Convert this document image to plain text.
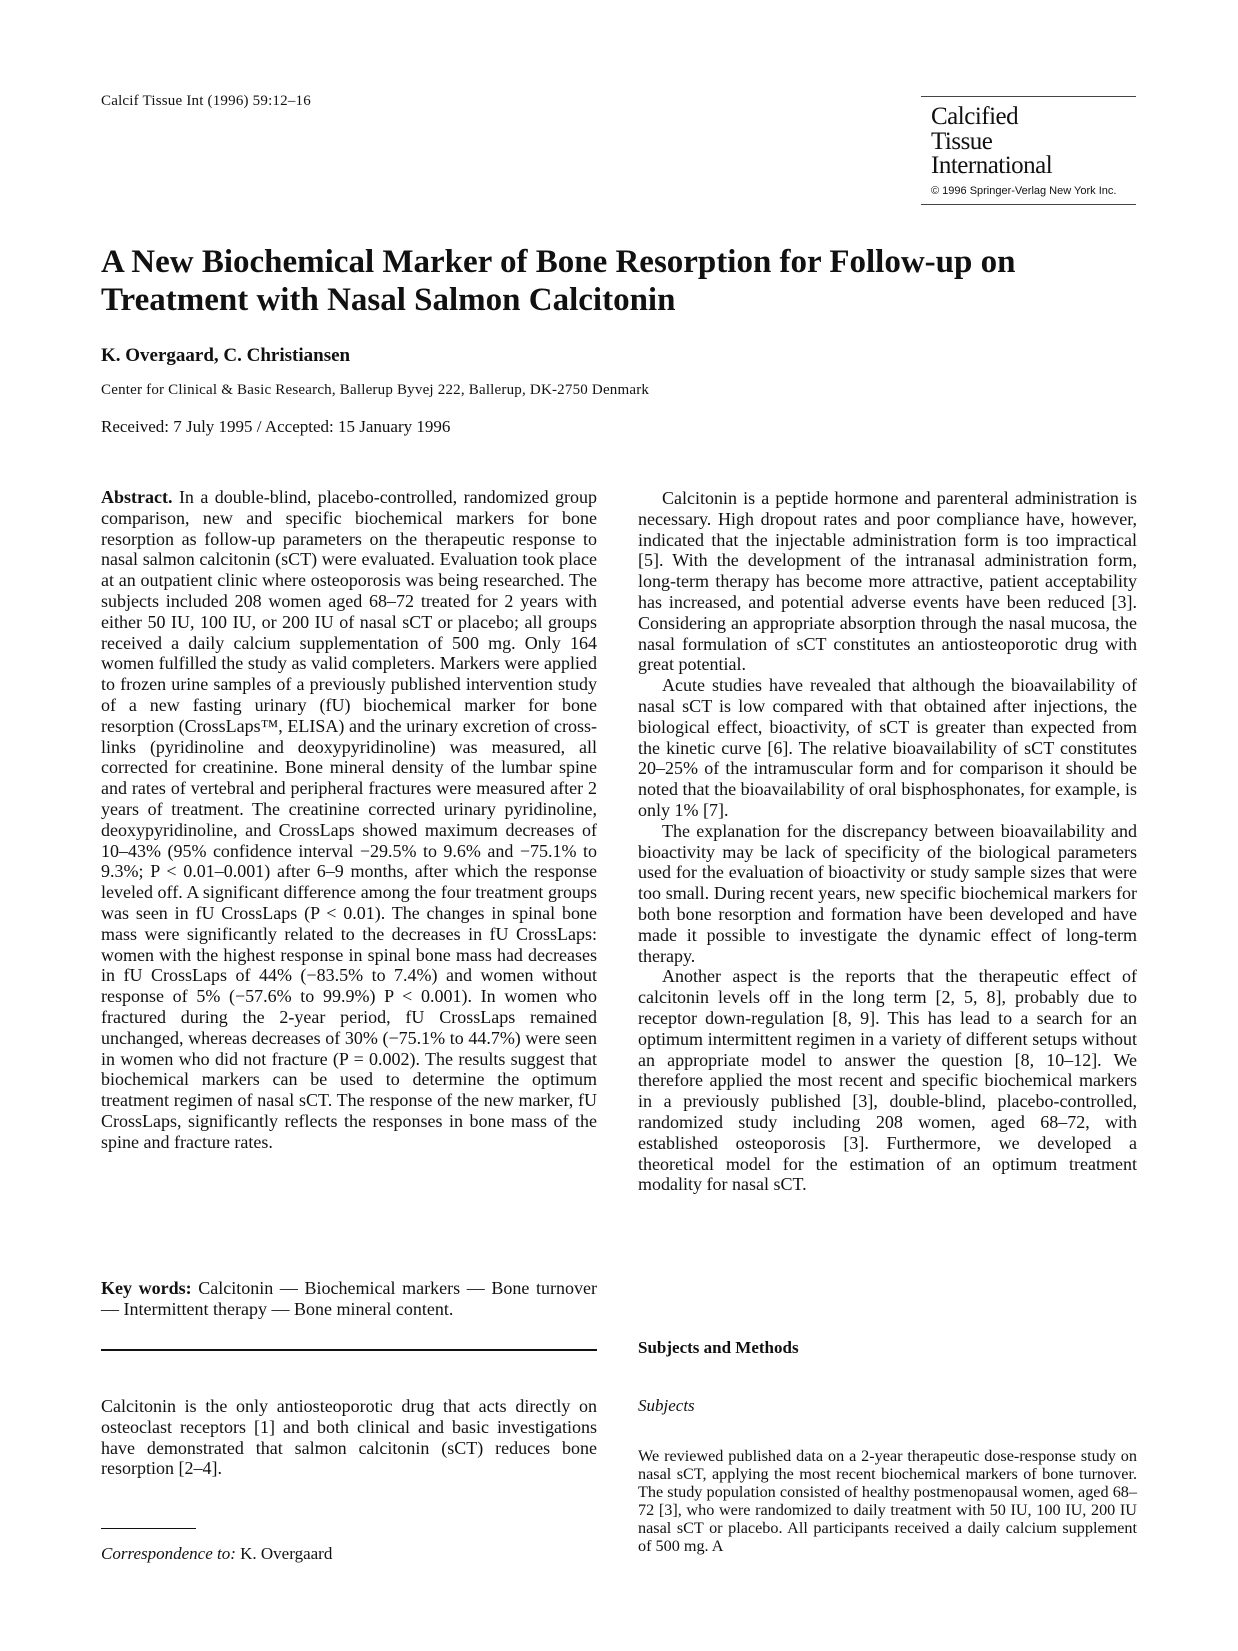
Calcif Tissue Int (1996) 59:12–16
Calcified
Tissue
International
© 1996 Springer-Verlag New York Inc.
A New Biochemical Marker of Bone Resorption for Follow-up on Treatment with Nasal Salmon Calcitonin
K. Overgaard, C. Christiansen
Center for Clinical & Basic Research, Ballerup Byvej 222, Ballerup, DK-2750 Denmark
Received: 7 July 1995 / Accepted: 15 January 1996

Abstract. In a double-blind, placebo-controlled, randomized group comparison, new and specific biochemical markers for bone resorption as follow-up parameters on the therapeutic response to nasal salmon calcitonin (sCT) were evaluated. Evaluation took place at an outpatient clinic where osteoporosis was being researched. The subjects included 208 women aged 68–72 treated for 2 years with either 50 IU, 100 IU, or 200 IU of nasal sCT or placebo; all groups received a daily calcium supplementation of 500 mg. Only 164 women fulfilled the study as valid completers. Markers were applied to frozen urine samples of a previously published intervention study of a new fasting urinary (fU) biochemical marker for bone resorption (CrossLaps™, ELISA) and the urinary excretion of cross-links (pyridinoline and deoxypyridinoline) was measured, all corrected for creatinine. Bone mineral density of the lumbar spine and rates of vertebral and peripheral fractures were measured after 2 years of treatment. The creatinine corrected urinary pyridinoline, deoxypyridinoline, and CrossLaps showed maximum decreases of 10–43% (95% confidence interval −29.5% to 9.6% and −75.1% to 9.3%; P < 0.01–0.001) after 6–9 months, after which the response leveled off. A significant difference among the four treatment groups was seen in fU CrossLaps (P < 0.01). The changes in spinal bone mass were significantly related to the decreases in fU CrossLaps: women with the highest response in spinal bone mass had decreases in fU CrossLaps of 44% (−83.5% to 7.4%) and women without response of 5% (−57.6% to 99.9%) P < 0.001). In women who fractured during the 2-year period, fU CrossLaps remained unchanged, whereas decreases of 30% (−75.1% to 44.7%) were seen in women who did not fracture (P = 0.002). The results suggest that biochemical markers can be used to determine the optimum treatment regimen of nasal sCT. The response of the new marker, fU CrossLaps, significantly reflects the responses in bone mass of the spine and fracture rates.

Key words: Calcitonin — Biochemical markers — Bone turnover — Intermittent therapy — Bone mineral content.

Calcitonin is the only antiosteoporotic drug that acts directly on osteoclast receptors [1] and both clinical and basic investigations have demonstrated that salmon calcitonin (sCT) reduces bone resorption [2–4].

Correspondence to: K. Overgaard

Calcitonin is a peptide hormone and parenteral administration is necessary. High dropout rates and poor compliance have, however, indicated that the injectable administration form is too impractical [5]. With the development of the intranasal administration form, long-term therapy has become more attractive, patient acceptability has increased, and potential adverse events have been reduced [3]. Considering an appropriate absorption through the nasal mucosa, the nasal formulation of sCT constitutes an antiosteoporotic drug with great potential.

Acute studies have revealed that although the bioavailability of nasal sCT is low compared with that obtained after injections, the biological effect, bioactivity, of sCT is greater than expected from the kinetic curve [6]. The relative bioavailability of sCT constitutes 20–25% of the intramuscular form and for comparison it should be noted that the bioavailability of oral bisphosphonates, for example, is only 1% [7].

The explanation for the discrepancy between bioavailability and bioactivity may be lack of specificity of the biological parameters used for the evaluation of bioactivity or study sample sizes that were too small. During recent years, new specific biochemical markers for both bone resorption and formation have been developed and have made it possible to investigate the dynamic effect of long-term therapy.

Another aspect is the reports that the therapeutic effect of calcitonin levels off in the long term [2, 5, 8], probably due to receptor down-regulation [8, 9]. This has lead to a search for an optimum intermittent regimen in a variety of different setups without an appropriate model to answer the question [8, 10–12]. We therefore applied the most recent and specific biochemical markers in a previously published [3], double-blind, placebo-controlled, randomized study including 208 women, aged 68–72, with established osteoporosis [3]. Furthermore, we developed a theoretical model for the estimation of an optimum treatment modality for nasal sCT.

Subjects and Methods
Subjects

We reviewed published data on a 2-year therapeutic dose-response study on nasal sCT, applying the most recent biochemical markers of bone turnover. The study population consisted of healthy postmenopausal women, aged 68–72 [3], who were randomized to daily treatment with 50 IU, 100 IU, 200 IU nasal sCT or placebo. All participants received a daily calcium supplement of 500 mg. A
